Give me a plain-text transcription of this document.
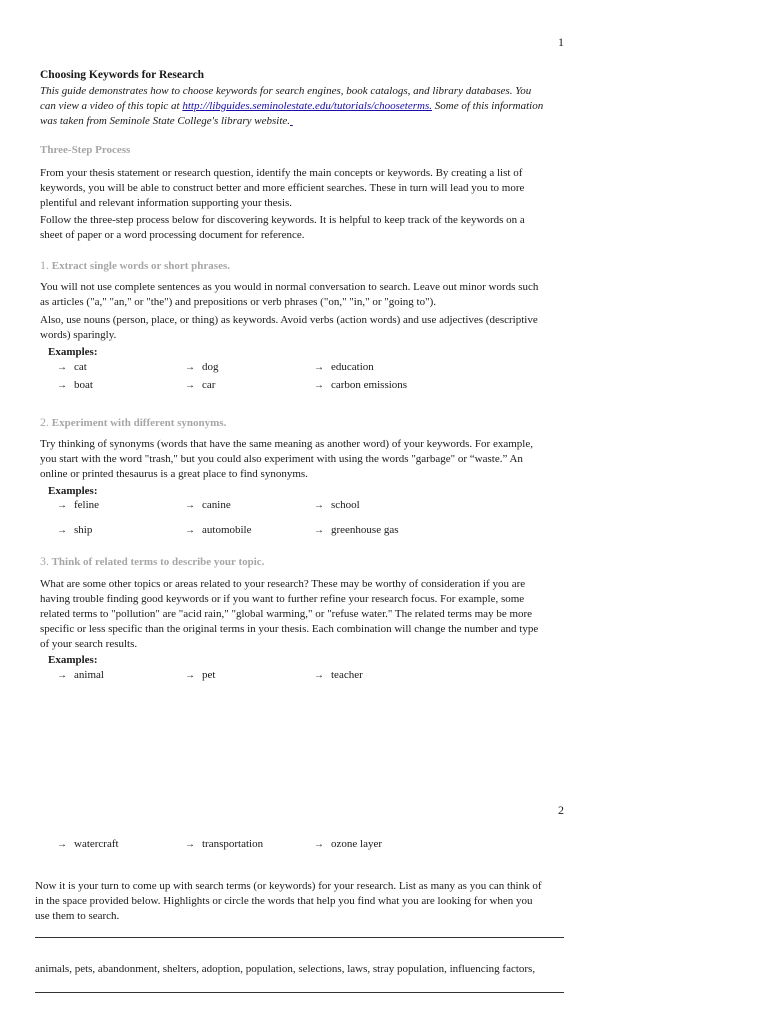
1
Choosing Keywords for Research
This guide demonstrates how to choose keywords for search engines, book catalogs, and library databases. You
can view a video of this topic at http://libguides.seminolestate.edu/tutorials/chooseterms. Some of this information
was taken from Seminole State College's library website.
Three-Step Process
From your thesis statement or research question, identify the main concepts or keywords. By creating a list of
keywords, you will be able to construct better and more efficient searches. These in turn will lead you to more
plentiful and relevant information supporting your thesis.
Follow the three-step process below for discovering keywords. It is helpful to keep track of the keywords on a
sheet of paper or a word processing document for reference.
1. Extract single words or short phrases.
You will not use complete sentences as you would in normal conversation to search. Leave out minor words such
as articles ("a," "an," or "the") and prepositions or verb phrases ("on," "in," or "going to").
Also, use nouns (person, place, or thing) as keywords. Avoid verbs (action words) and use adjectives (descriptive
words) sparingly.
Examples:
→ cat	→ dog	→ education
→ boat	→ car	→ carbon emissions
2. Experiment with different synonyms.
Try thinking of synonyms (words that have the same meaning as another word) of your keywords. For example,
you start with the word "trash," but you could also experiment with using the words "garbage" or “waste.” An
online or printed thesaurus is a great place to find synonyms.
Examples:
→ feline	→ canine	→ school
→ ship	→ automobile	→ greenhouse gas
3. Think of related terms to describe your topic.
What are some other topics or areas related to your research? These may be worthy of consideration if you are
having trouble finding good keywords or if you want to further refine your research focus. For example, some
related terms to "pollution" are "acid rain," "global warming," or "refuse water." The related terms may be more
specific or less specific than the original terms in your thesis. Each combination will change the number and type
of your search results.
Examples:
→ animal	→ pet	→ teacher
2
→ watercraft	→ transportation	→ ozone layer
Now it is your turn to come up with search terms (or keywords) for your research. List as many as you can think of
in the space provided below. Highlights or circle the words that help you find what you are looking for when you
use them to search.
animals, pets, abandonment, shelters, adoption, population, selections, laws, stray population, influencing factors,
